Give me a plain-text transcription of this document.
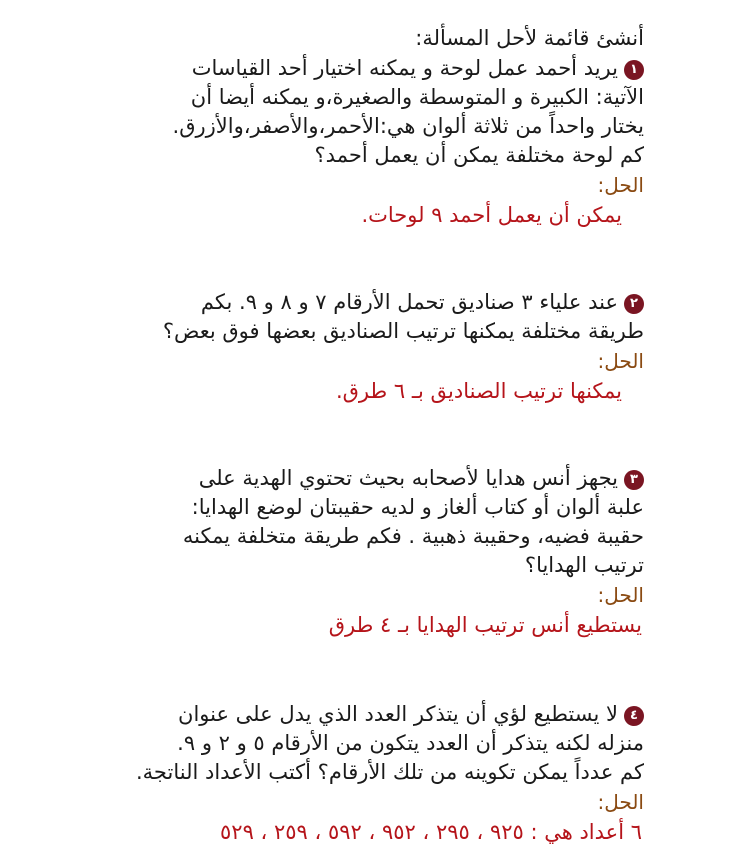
أنشئ قائمة لأحل المسألة:

١يريد أحمد عمل لوحة و يمكنه اختيار أحد القياسات
الآتية: الكبيرة و المتوسطة والصغيرة،و يمكنه أيضا أن
يختار واحداً من ثلاثة ألوان هي:الأحمر،والأصفر،والأزرق.
كم لوحة مختلفة يمكن أن يعمل أحمد؟

الحل:

يمكن أن يعمل أحمد ٩ لوحات.

٢عند علياء ٣ صناديق تحمل الأرقام ٧ و ٨ و ٩. بكم
طريقة مختلفة يمكنها ترتيب الصناديق بعضها فوق بعض؟

الحل:

يمكنها ترتيب الصناديق بـ ٦ طرق.

٣يجهز أنس هدايا لأصحابه بحيث تحتوي الهدية على
علبة ألوان أو كتاب ألغاز و لديه حقيبتان لوضع الهدايا:
حقيبة فضيه، وحقيبة ذهبية . فكم طريقة متخلفة يمكنه
ترتيب الهدايا؟

الحل:

يستطيع أنس ترتيب الهدايا بـ ٤ طرق

٤لا يستطيع لؤي أن يتذكر العدد الذي يدل على عنوان
منزله لكنه يتذكر أن العدد يتكون من الأرقام ٥ و ٢ و ٩.
كم عدداً يمكن تكوينه من تلك الأرقام؟ أكتب الأعداد الناتجة.

الحل:

٦ أعداد هي : ٩٢٥ ، ٢٩٥ ، ٩٥٢ ، ٥٩٢ ، ٢٥٩ ، ٥٢٩
